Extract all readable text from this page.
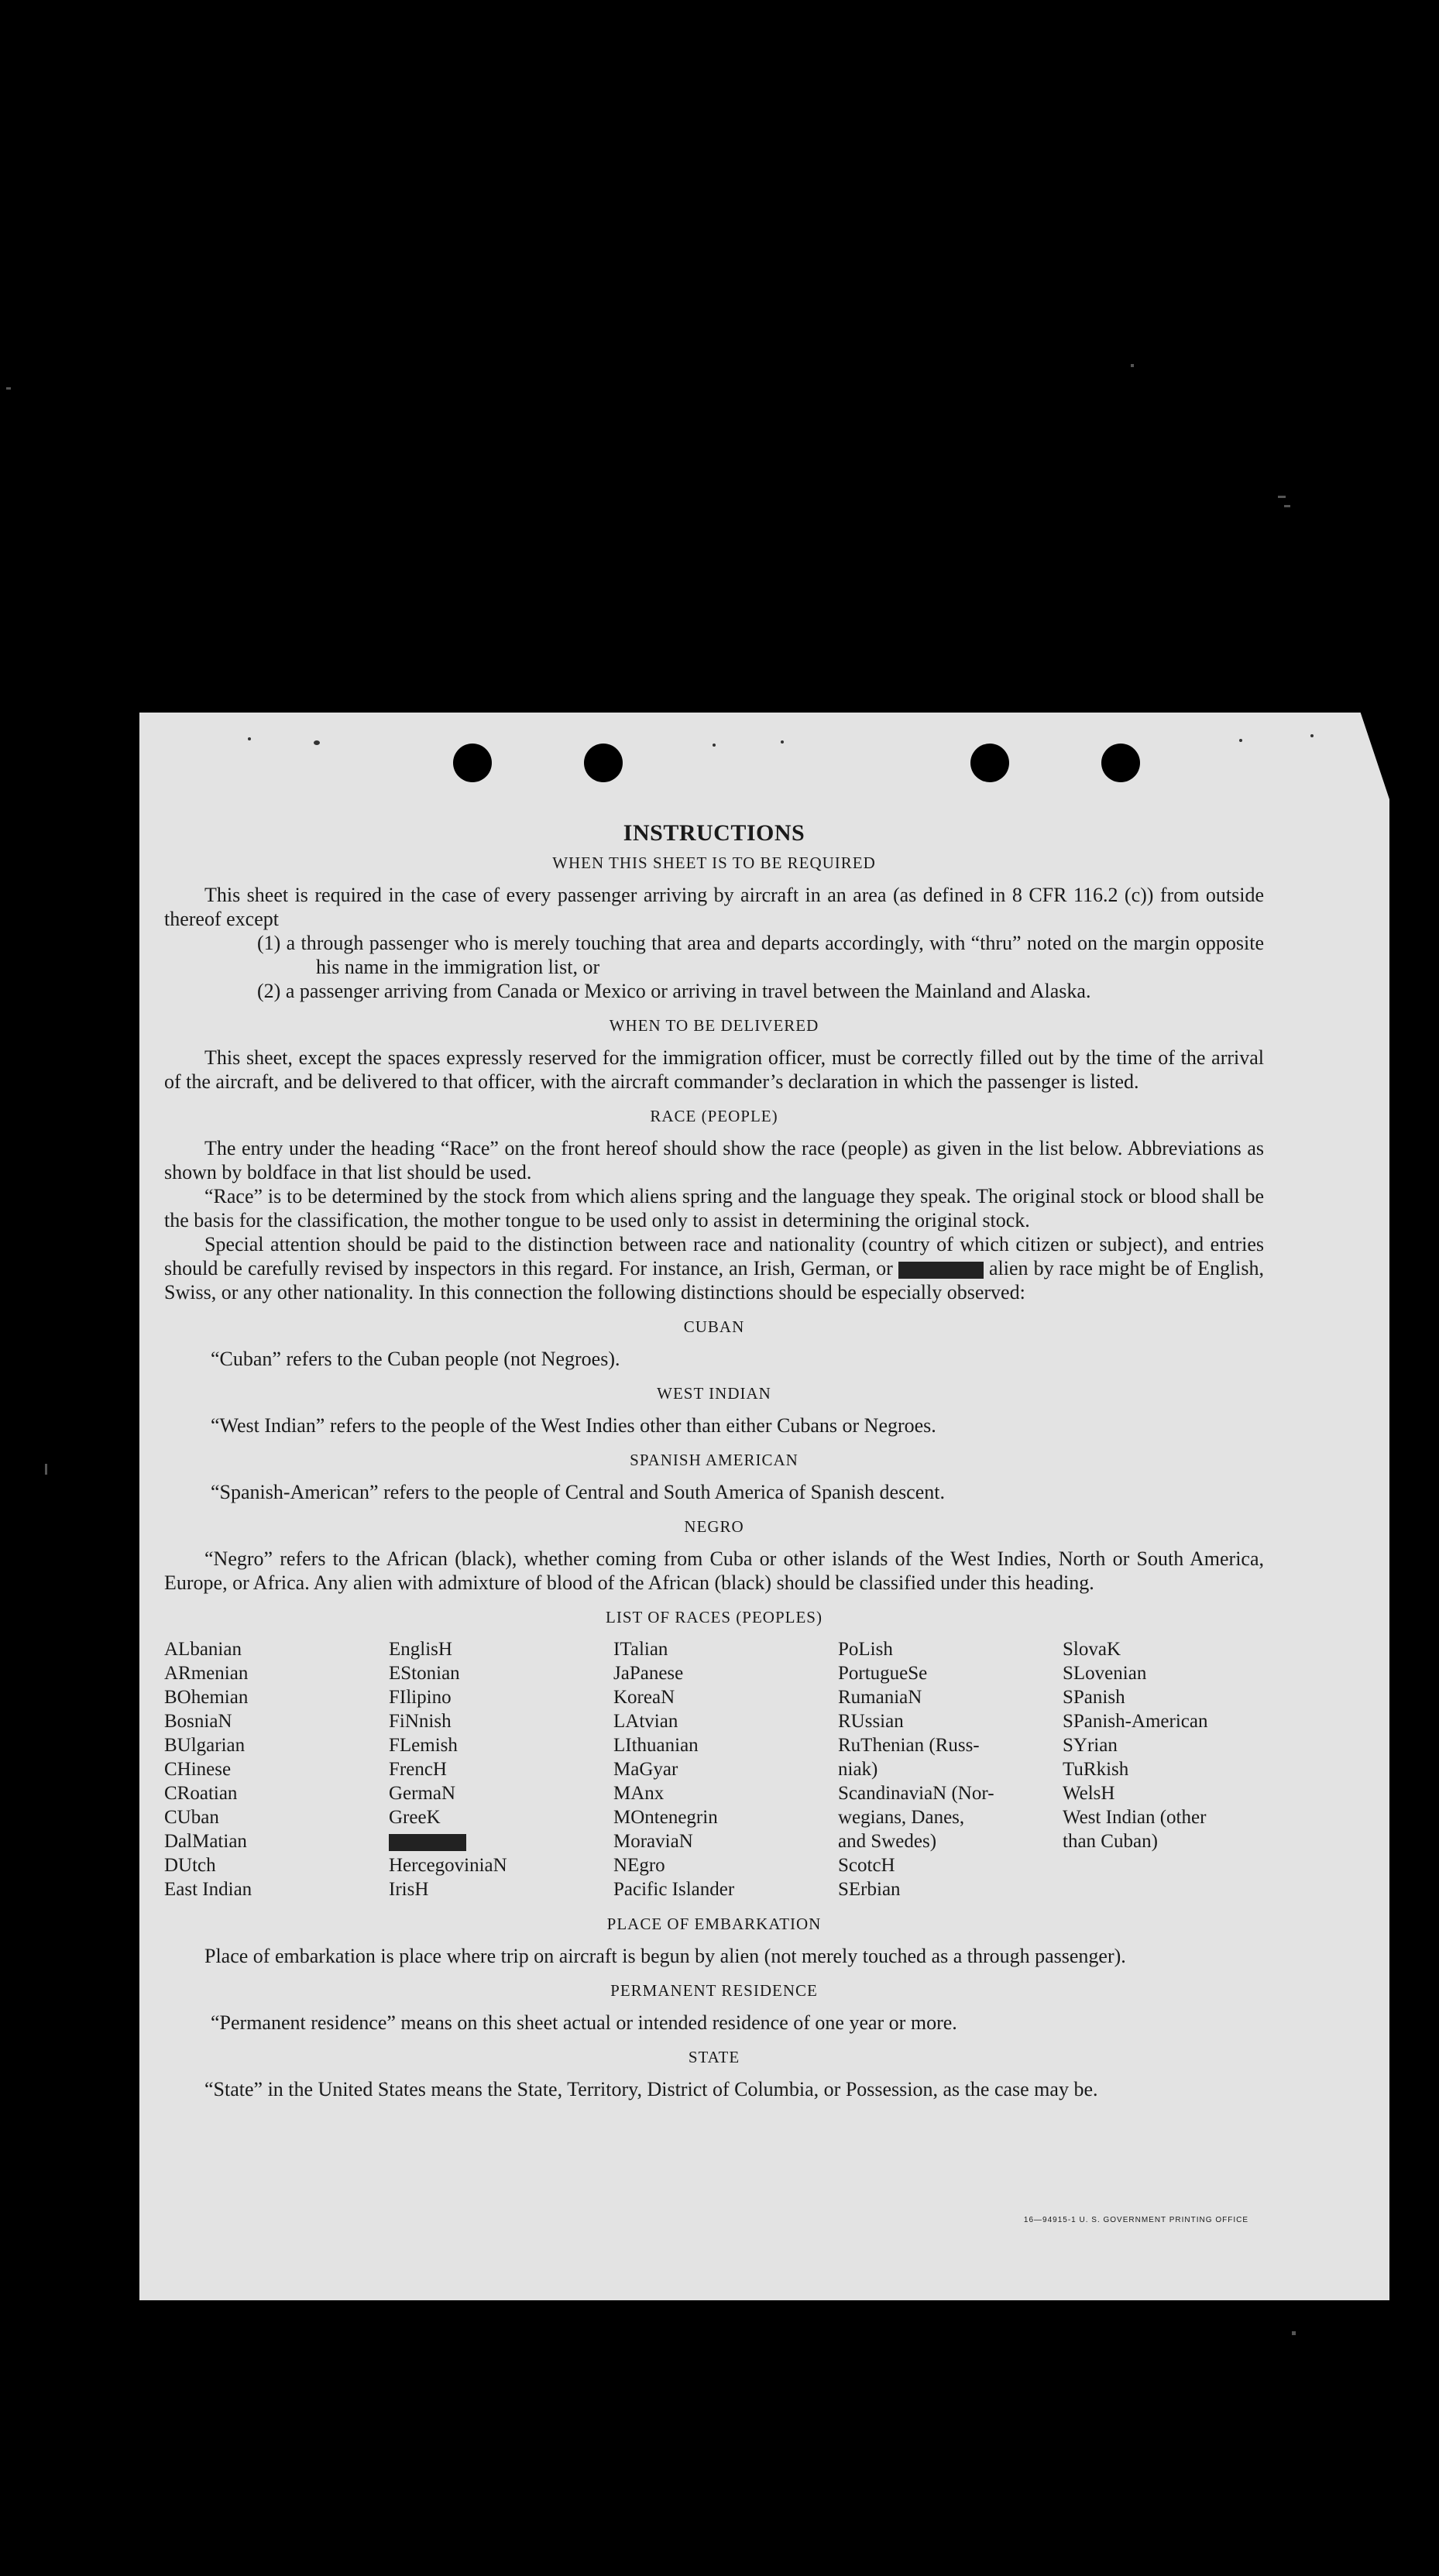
INSTRUCTIONS
WHEN THIS SHEET IS TO BE REQUIRED

This sheet is required in the case of every passenger arriving by aircraft in an area (as defined in 8 CFR 116.2 (c)) from outside thereof except

(1) a through passenger who is merely touching that area and departs accordingly, with “thru” noted on the margin opposite his name in the immigration list, or

(2) a passenger arriving from Canada or Mexico or arriving in travel between the Mainland and Alaska.

WHEN TO BE DELIVERED

This sheet, except the spaces expressly reserved for the immigration officer, must be correctly filled out by the time of the arrival of the aircraft, and be delivered to that officer, with the aircraft commander’s declaration in which the passenger is listed.

RACE (PEOPLE)

The entry under the heading “Race” on the front hereof should show the race (people) as given in the list below. Abbreviations as shown by boldface in that list should be used.

“Race” is to be determined by the stock from which aliens spring and the language they speak. The original stock or blood shall be the basis for the classification, the mother tongue to be used only to assist in determining the original stock.

Special attention should be paid to the distinction between race and nationality (country of which citizen or subject), and entries should be carefully revised by inspectors in this regard. For instance, an Irish, German, or	alien by race might be of English, Swiss, or any other nationality. In this connection the following distinctions should be especially observed:

CUBAN

“Cuban” refers to the Cuban people (not Negroes).

WEST INDIAN

“West Indian” refers to the people of the West Indies other than either Cubans or Negroes.

SPANISH AMERICAN

“Spanish-American” refers to the people of Central and South America of Spanish descent.

NEGRO

“Negro” refers to the African (black), whether coming from Cuba or other islands of the West Indies, North or South America, Europe, or Africa. Any alien with admixture of blood of the African (black) should be classified under this heading.

LIST OF RACES (PEOPLES)
ALbanian
ARmenian
BOhemian
BosniaN
BUlgarian
CHinese
CRoatian
CUban
DalMatian
DUtch
East Indian
EnglisH
EStonian
FIlipino
FiNnish
FLemish
FrencH
GermaN
GreeK
HercegoviniaN
IrisH
ITalian
JaPanese
KoreaN
LAtvian
LIthuanian
MaGyar
MAnx
MOntenegrin
MoraviaN
NEgro
Pacific Islander
PoLish
PortugueSe
RumaniaN
RUssian
RuThenian (Russ-
niak)
ScandinaviaN (Nor-
wegians, Danes,
and Swedes)
ScotcH
SErbian
SlovaK
SLovenian
SPanish
SPanish-American
SYrian
TuRkish
WelsH
West Indian (other
than Cuban)
PLACE OF EMBARKATION

Place of embarkation is place where trip on aircraft is begun by alien (not merely touched as a through passenger).

PERMANENT RESIDENCE

“Permanent residence” means on this sheet actual or intended residence of one year or more.

STATE

“State” in the United States means the State, Territory, District of Columbia, or Possession, as the case may be.

16—94915-1 U. S. GOVERNMENT PRINTING OFFICE
